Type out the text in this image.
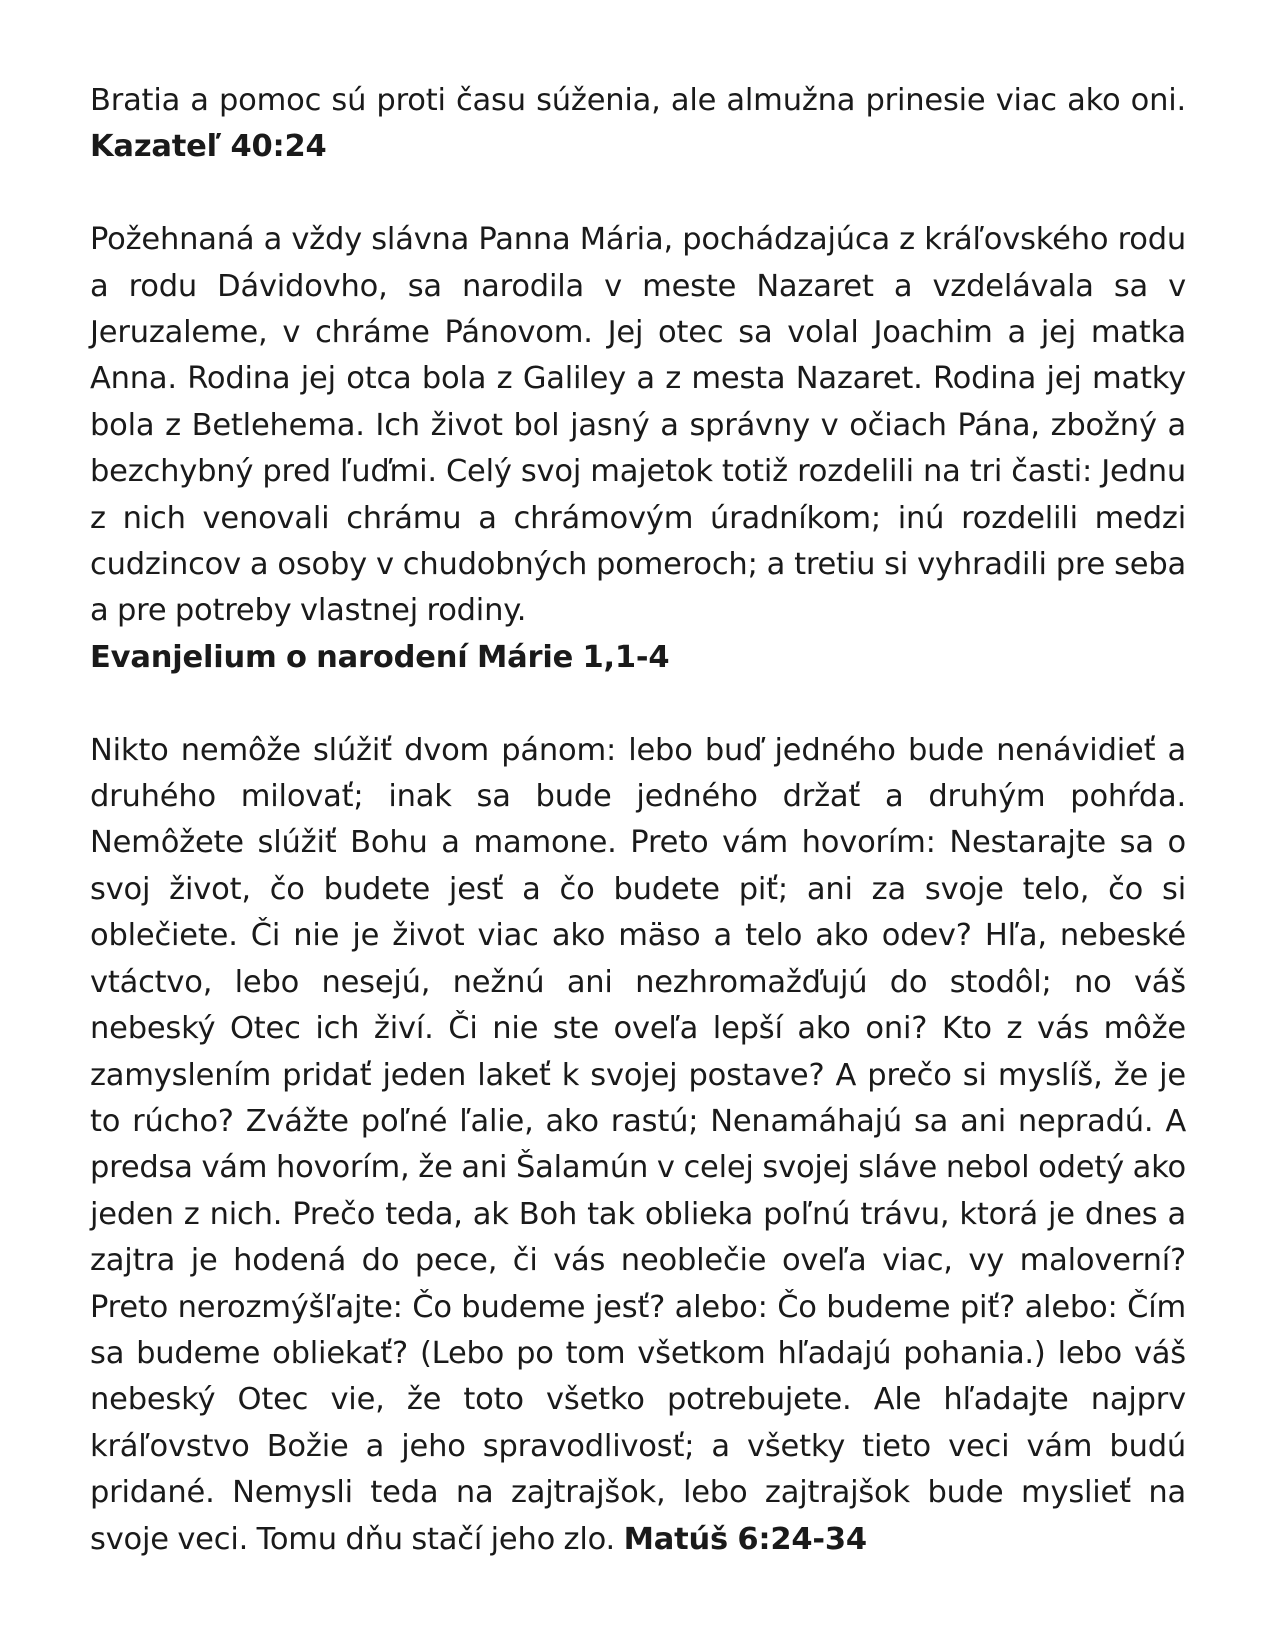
Bratia a pomoc sú proti času súženia, ale almužna prinesie viac ako oni. Kazateľ 40:24

Požehnaná a vždy slávna Panna Mária, pochádzajúca z kráľovského rodu a rodu Dávidovho, sa narodila v meste Nazaret a vzdelávala sa v Jeruzaleme, v chráme Pánovom. Jej otec sa volal Joachim a jej matka Anna. Rodina jej otca bola z Galiley a z mesta Nazaret. Rodina jej matky bola z Betlehema. Ich život bol jasný a správny v očiach Pána, zbožný a bezchybný pred ľuďmi. Celý svoj majetok totiž rozdelili na tri časti: Jednu z nich venovali chrámu a chrámovým úradníkom; inú rozdelili medzi cudzincov a osoby v chudobných pomeroch; a tretiu si vyhradili pre seba a pre potreby vlastnej rodiny.
Evanjelium o narodení Márie 1,1-4

Nikto nemôže slúžiť dvom pánom: lebo buď jedného bude nenávidieť a druhého milovať; inak sa bude jedného držať a druhým pohŕda. Nemôžete slúžiť Bohu a mamone. Preto vám hovorím: Nestarajte sa o svoj život, čo budete jesť a čo budete piť; ani za svoje telo, čo si oblečiete. Či nie je život viac ako mäso a telo ako odev? Hľa, nebeské vtáctvo, lebo nesejú, nežnú ani nezhromažďujú do stodôl; no váš nebeský Otec ich živí. Či nie ste oveľa lepší ako oni? Kto z vás môže zamyslením pridať jeden lakeť k svojej postave? A prečo si myslíš, že je to rúcho? Zvážte poľné ľalie, ako rastú; Nenamáhajú sa ani nepradú. A predsa vám hovorím, že ani Šalamún v celej svojej sláve nebol odetý ako jeden z nich. Prečo teda, ak Boh tak oblieka poľnú trávu, ktorá je dnes a zajtra je hodená do pece, či vás neoblečie oveľa viac, vy maloverní? Preto nerozmýšľajte: Čo budeme jesť? alebo: Čo budeme piť? alebo: Čím sa budeme obliekať? (Lebo po tom všetkom hľadajú pohania.) lebo váš nebeský Otec vie, že toto všetko potrebujete. Ale hľadajte najprv kráľovstvo Božie a jeho spravodlivosť; a všetky tieto veci vám budú pridané. Nemysli teda na zajtrajšok, lebo zajtrajšok bude myslieť na svoje veci. Tomu dňu stačí jeho zlo. Matúš 6:24-34
